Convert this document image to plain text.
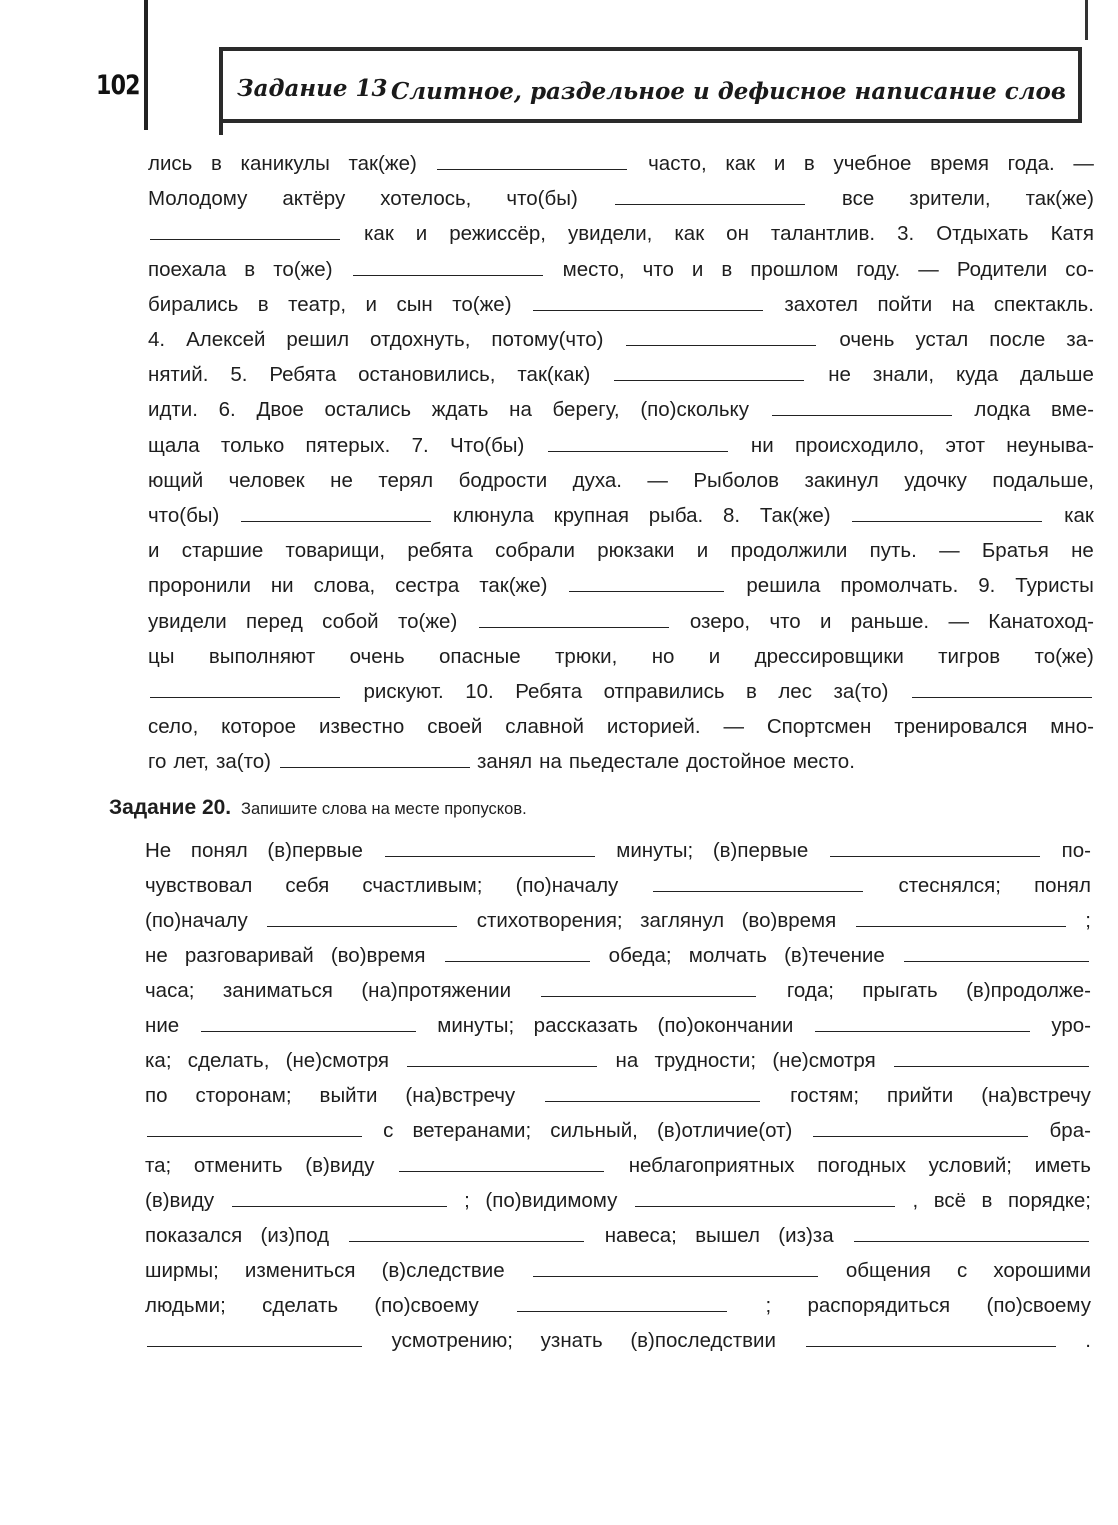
102	Задание 13 Слитное, раздельное и дефисное написание слов
лись в каникулы так(же)	часто, как и в учебное время года. —
Молодому актёру хотелось, что(бы)	все зрители, так(же)
как и режиссёр, увидели, как он талантлив. 3. Отдыхать Катя
поехала в то(же)	место, что и в прошлом году. — Родители со-
бирались в театр, и сын то(же)	захотел пойти на спектакль.
4. Алексей решил отдохнуть, потому(что)	очень устал после за-
нятий. 5. Ребята остановились, так(как)	не знали, куда дальше
идти. 6. Двое остались ждать на берегу, (по)скольку	лодка вме-
щала только пятерых. 7. Что(бы)	ни происходило, этот неуныва-
ющий человек не терял бодрости духа. — Рыболов закинул удочку подальше,
что(бы)	клюнула крупная рыба. 8. Так(же)	как
и старшие товарищи, ребята собрали рюкзаки и продолжили путь. — Братья не
проронили ни слова, сестра так(же)	решила промолчать. 9. Туристы
увидели перед собой то(же)	озеро, что и раньше. — Канатоход-
цы выполняют очень опасные трюки, но и дрессировщики тигров то(же)
рискуют. 10. Ребята отправились в лес за(то)
село, которое известно своей славной историей. — Спортсмен тренировался мно-
го лет, за(то)	занял на пьедестале достойное место.
Задание 20. Запишите слова на месте пропусков.
Не понял (в)первые	минуты; (в)первые	по-
чувствовал себя счастливым; (по)началу	стеснялся; понял
(по)началу	стихотворения; заглянул (во)время	;
не разговаривай (во)время	обеда; молчать (в)течение
часа; заниматься (на)протяжении	года; прыгать (в)продолже-
ние	минуты; рассказать (по)окончании	уро-
ка; сделать, (не)смотря	на трудности; (не)смотря
по сторонам; выйти (на)встречу	гостям; прийти (на)встречу
с ветеранами; сильный, (в)отличие(от)	бра-
та; отменить (в)виду	неблагоприятных погодных условий; иметь
(в)виду	; (по)видимому	, всё в порядке;
показался (из)под	навеса; вышел (из)за
ширмы; измениться (в)следствие	общения с хорошими
людьми; сделать (по)своему	; распорядиться (по)своему
усмотрению; узнать (в)последствии	.
